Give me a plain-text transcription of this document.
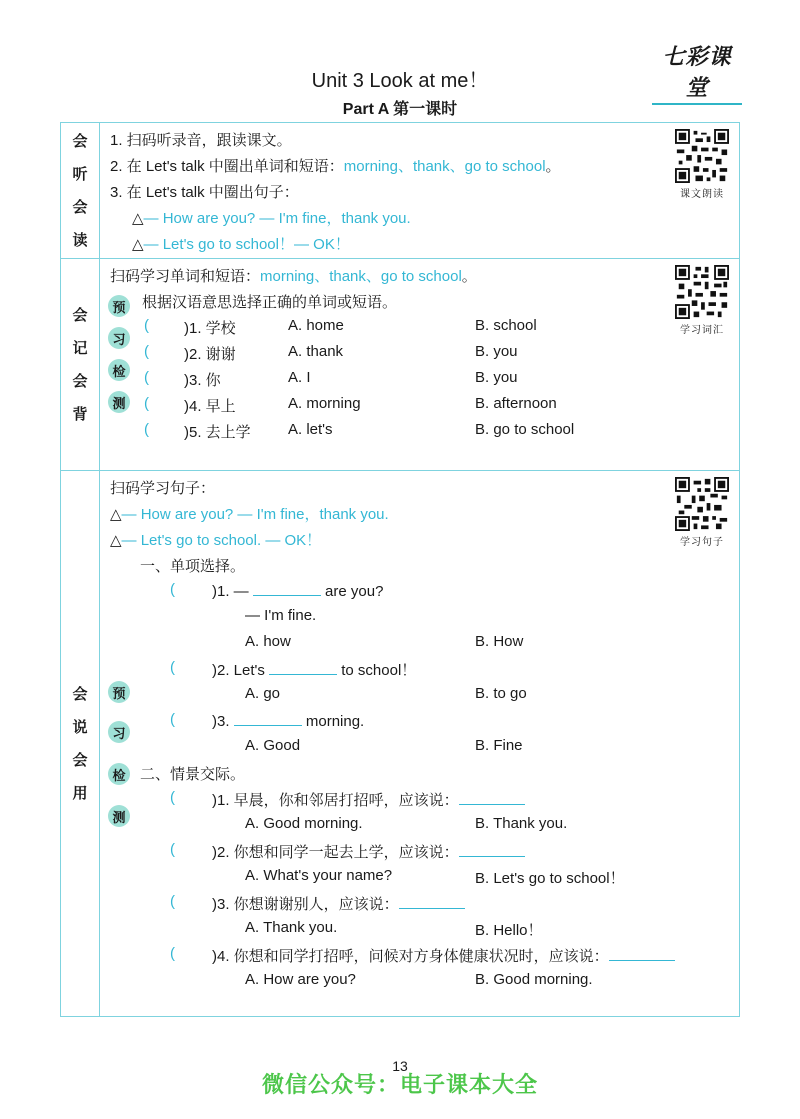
七彩课堂
Unit 3 Look at me！
Part A 第一课时
会
听
会
读
1. 扫码听录音，跟读课文。
2. 在 Let's talk 中圈出单词和短语：morning、thank、go to school。
3. 在 Let's talk 中圈出句子：
△— How are you? — I'm fine，thank you.
△— Let's go to school！— OK！
课文朗读
会
记
会
背
扫码学习单词和短语：morning、thank、go to school。
预
习
检
测
根据汉语意思选择正确的单词或短语。
( )1. 学校	A. home	B. school
( )2. 谢谢	A. thank	B. you
( )3. 你	A. I	B. you
( )4. 早上	A. morning	B. afternoon
( )5. 去上学 A. let's	B. go to school
学习词汇
会
说
会
用
扫码学习句子：
△— How are you? — I'm fine，thank you.
△— Let's go to school. — OK！
预
习
检
测
一、单项选择。
( )1. —	are you?
— I'm fine.
A. how	B. How
( )2. Let's	to school！
A. go	B. to go
( )3.	morning.
A. Good	B. Fine
二、情景交际。
( )1. 早晨，你和邻居打招呼，应该说：
A. Good morning.	B. Thank you.
( )2. 你想和同学一起去上学，应该说：
A. What's your name?	B. Let's go to school！
( )3. 你想谢谢别人，应该说：
A. Thank you.	B. Hello！
( )4. 你想和同学打招呼，问候对方身体健康状况时，应该说：
A. How are you?	B. Good morning.
学习句子
13
微信公众号：电子课本大全
